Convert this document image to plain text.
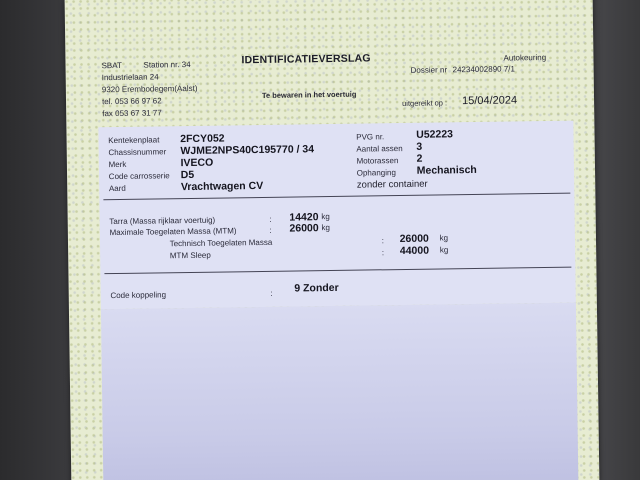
SBAT	Station nr. 34
Industrielaan 24
9320 Erembodegem(Aalst)
tel. 053 66 97 62
fax 053 67 31 77
IDENTIFICATIEVERSLAG
Te bewaren in het voertuig
Autokeuring
Dossier nr 24234002890 7/1
uitgereikt op : 15/04/2024
Kentekenplaat 2FCY052
Chassisnummer WJME2NPS40C195770 / 34
Merk	IVECO
Code carrosserie D5
Aard	Vrachtwagen CV
PVG nr.	U52223
Aantal assen 3
Motorassen 2
Ophanging Mechanisch
zonder container
Tarra (Massa rijklaar voertuig)	: 14420 kg
Maximale Toegelaten Massa (MTM)	: 26000 kg
Technisch Toegelaten Massa	: 26000 kg
MTM Sleep	: 44000 kg
Code koppeling	: 9 Zonder
